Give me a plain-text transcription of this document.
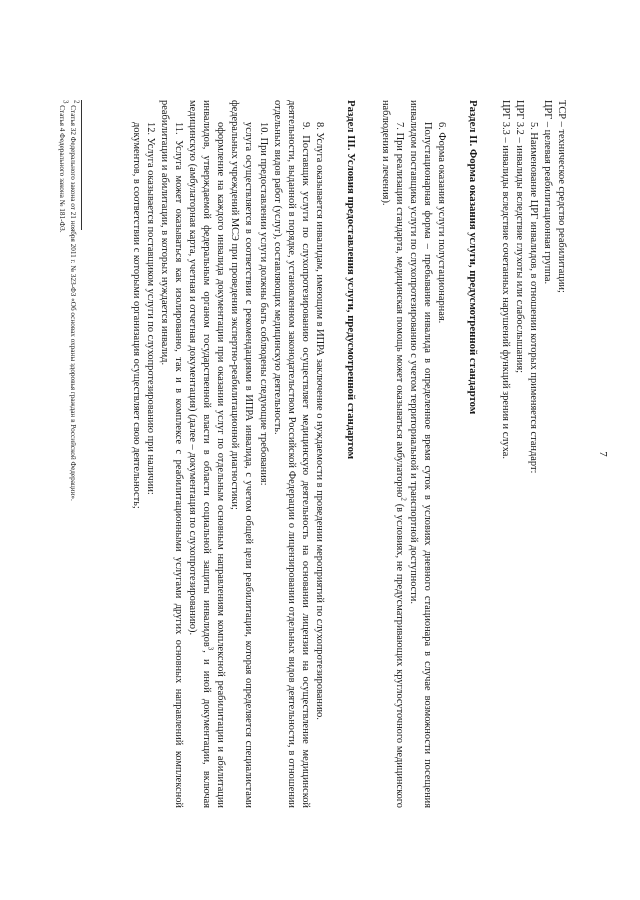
7

ТСР – техническое средство реабилитации;

ЦРГ – целевая реабилитационная группа.

5. Наименование ЦРГ инвалидов, в отношении которых применяется стандарт:

ЦРГ 3.2 – инвалиды вследствие глухоты или слабослышания;

ЦРГ 3.3 – инвалиды вследствие сочетанных нарушений функций зрения и слуха.

Раздел II. Форма оказания услуги, предусмотренной стандартом

6. Форма оказания услуги полустационарная.

Полустационарная форма – пребывание инвалида в определенное время суток в условиях дневного стационара в случае возможности посещения инвалидом поставщика услуги по слухопротезированию с учетом территориальной и транспортной доступности.

7. При реализации стандарта, медицинская помощь может оказываться амбулаторно$^2$ (в условиях, не предусматривающих круглосуточного медицинского наблюдения и лечения).

Раздел III. Условия предоставления услуги, предусмотренной стандартом

8. Услуга оказывается инвалидам, имеющим в ИПРА заключение о нуждаемости в проведении мероприятий по слухопротезированию.

9. Поставщик услуги по слухопротезированию осуществляет медицинскую деятельность на основании лицензии на осуществление медицинской деятельности, выданной в порядке, установленном законодательством Российской Федерации о лицензировании отдельных видов деятельности, в отношении отдельных видов работ (услуг), составляющих медицинскую деятельность.

10. При предоставлении услуги должны быть соблюдены следующие требования:

услуга осуществляется в соответствии с рекомендациями в ИПРА инвалида, с учетом общей цели реабилитации, которая определяется специалистами федеральных учреждений МСЭ при проведении экспертно-реабилитационной диагностики;

оформление на каждого инвалида документации при оказании услуг по отдельным основным направлениям комплексной реабилитации и абилитации инвалидов, утверждаемой федеральным органом государственной власти в области социальной защиты инвалидов$^3$, и иной документации, включая медицинскую (амбулаторная карта, учетная и отчетная документация) (далее – документация по слухопротезированию).

11. Услуга может оказываться как изолированно, так и в комплексе с реабилитационными услугами других основных направлений комплексной реабилитации и абилитации, в которых нуждается инвалид.

12. Услуга оказывается поставщиком услуги по слухопротезированию при наличии:

документов, в соответствии с которыми организация осуществляет свою деятельность;

$^2$ Статья 32 Федерального закона от 21 ноября 2011 г. № 323-ФЗ «Об основах охраны здоровья граждан в Российской Федерации».
$^3$ Статья 4 Федерального закона № 181-ФЗ.
